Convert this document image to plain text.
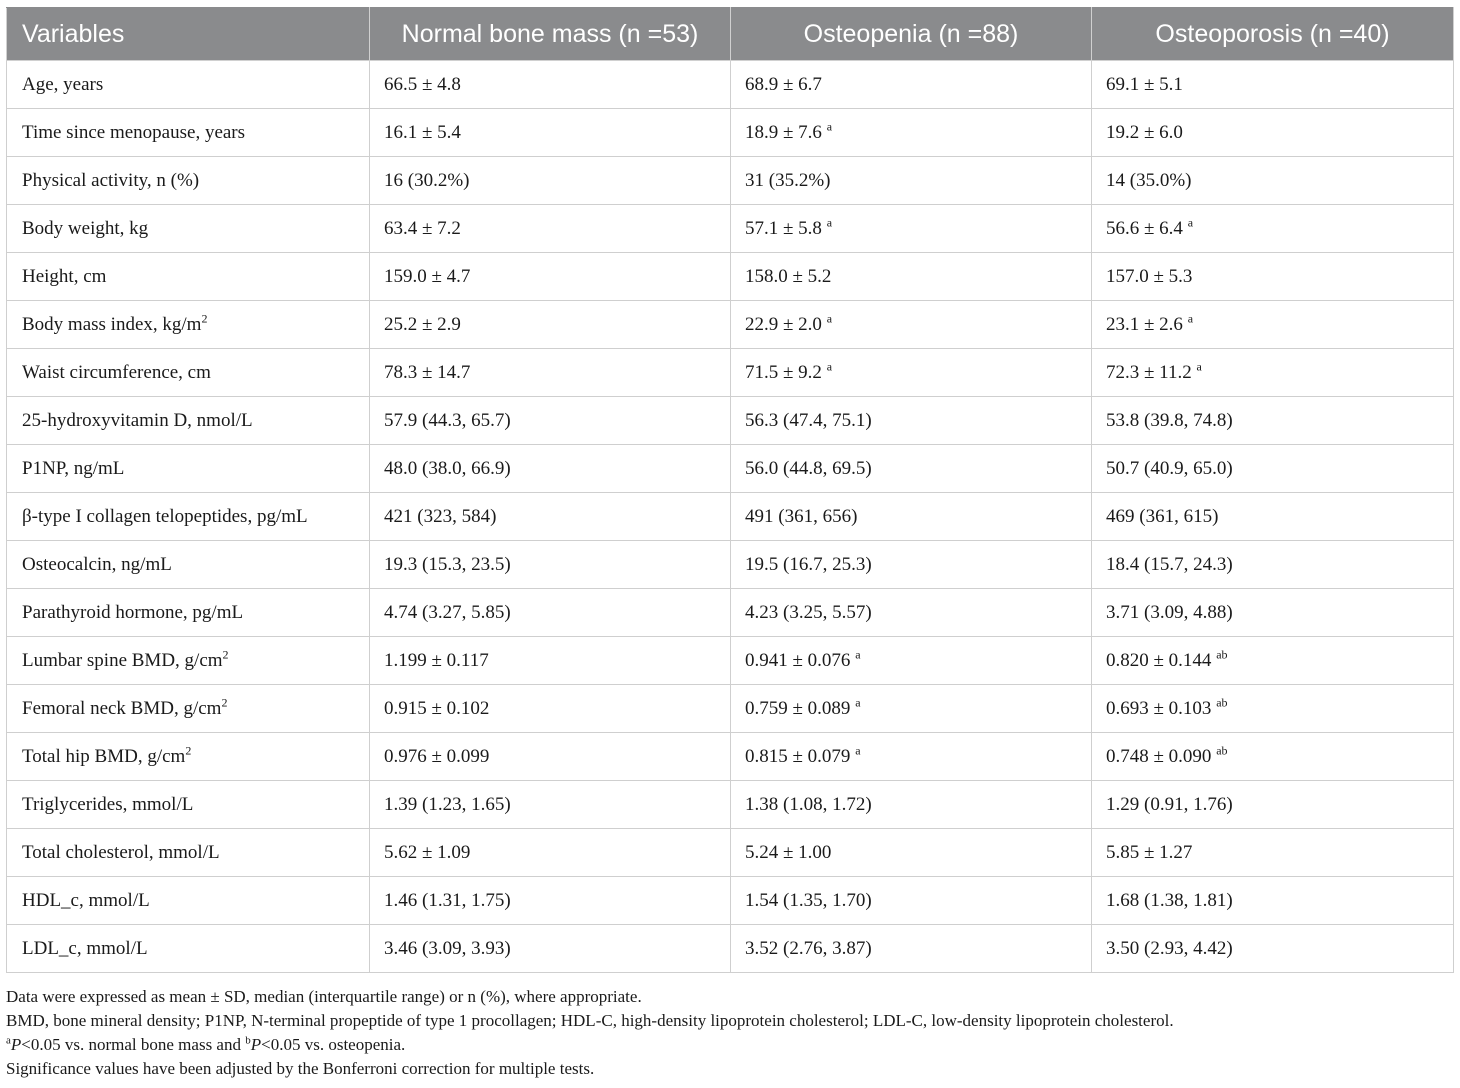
Variables	Normal bone mass (n =53)	Osteopenia (n =88)	Osteoporosis (n =40)
Age, years	66.5 ± 4.8	68.9 ± 6.7	69.1 ± 5.1
Time since menopause, years	16.1 ± 5.4	18.9 ± 7.6 $^a$	19.2 ± 6.0
Physical activity, n (%)	16 (30.2%)	31 (35.2%)	14 (35.0%)
Body weight, kg	63.4 ± 7.2	57.1 ± 5.8 $^a$	56.6 ± 6.4 $^a$
Height, cm	159.0 ± 4.7	158.0 ± 5.2	157.0 ± 5.3
Body mass index, $kg/m^2$	25.2 ± 2.9	22.9 ± 2.0 $^a$	23.1 ± 2.6 $^a$
Waist circumference, cm	78.3 ± 14.7	71.5 ± 9.2 $^a$	72.3 ± 11.2 $^a$
25-hydroxyvitamin D, nmol/L	57.9 (44.3, 65.7)	56.3 (47.4, 75.1)	53.8 (39.8, 74.8)
P1NP, ng/mL	48.0 (38.0, 66.9)	56.0 (44.8, 69.5)	50.7 (40.9, 65.0)
β-type I collagen telopeptides, pg/mL	421 (323, 584)	491 (361, 656)	469 (361, 615)
Osteocalcin, ng/mL	19.3 (15.3, 23.5)	19.5 (16.7, 25.3)	18.4 (15.7, 24.3)
Parathyroid hormone, pg/mL	4.74 (3.27, 5.85)	4.23 (3.25, 5.57)	3.71 (3.09, 4.88)
Lumbar spine BMD, $g/cm^2$	1.199 ± 0.117	0.941 ± 0.076 $^a$	0.820 ± 0.144 $^{ab}$
Femoral neck BMD, $g/cm^2$	0.915 ± 0.102	0.759 ± 0.089 $^a$	0.693 ± 0.103 $^{ab}$
Total hip BMD, $g/cm^2$	0.976 ± 0.099	0.815 ± 0.079 $^a$	0.748 ± 0.090 $^{ab}$
Triglycerides, mmol/L	1.39 (1.23, 1.65)	1.38 (1.08, 1.72)	1.29 (0.91, 1.76)
Total cholesterol, mmol/L	5.62 ± 1.09	5.24 ± 1.00	5.85 ± 1.27
HDL_c, mmol/L	1.46 (1.31, 1.75)	1.54 (1.35, 1.70)	1.68 (1.38, 1.81)
LDL_c, mmol/L	3.46 (3.09, 3.93)	3.52 (2.76, 3.87)	3.50 (2.93, 4.42)

Data were expressed as mean ± SD, median (interquartile range) or n (%), where appropriate.

BMD, bone mineral density; P1NP, N-terminal propeptide of type 1 procollagen; HDL-C, high-density lipoprotein cholesterol; LDL-C, low-density lipoprotein cholesterol.

$^a$P<0.05 vs. normal bone mass and $^b$P<0.05 vs. osteopenia.

Significance values have been adjusted by the Bonferroni correction for multiple tests.
